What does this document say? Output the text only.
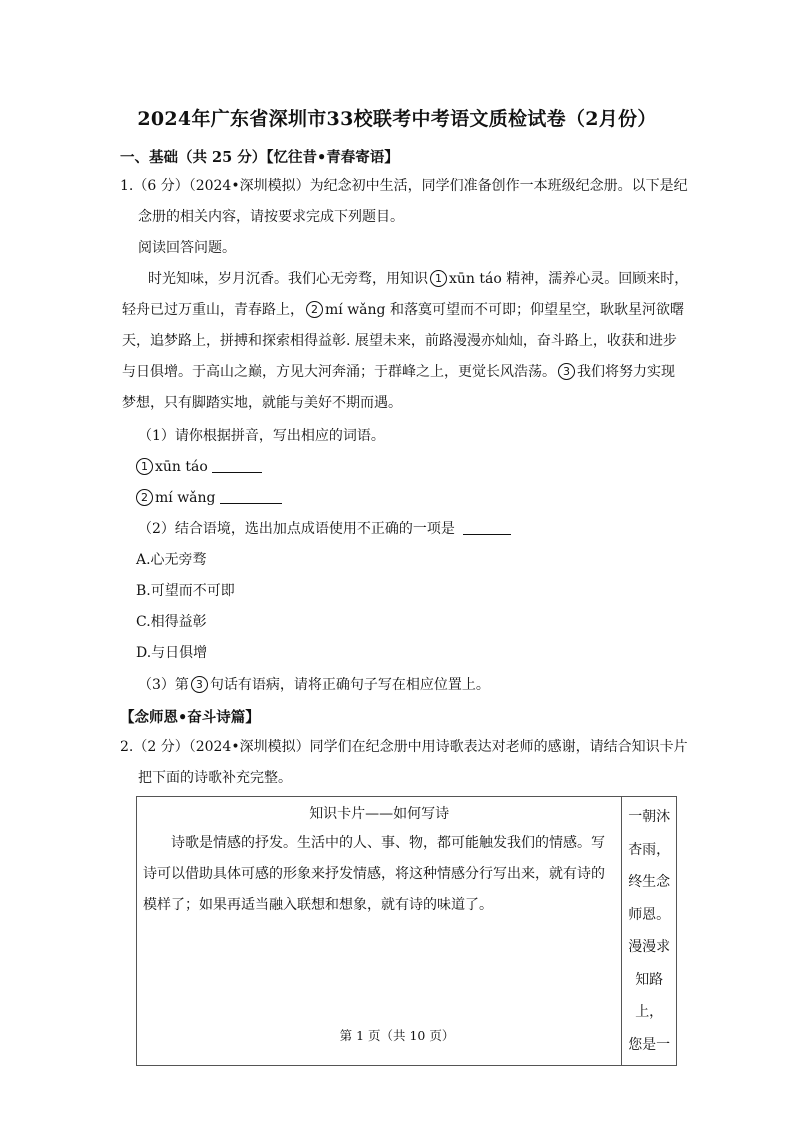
2024年广东省深圳市33校联考中考语文质检试卷（2月份）
一、基础（共 25 分）【忆往昔•青春寄语】
1.（6 分）（2024•深圳模拟）为纪念初中生活，同学们准备创作一本班级纪念册。以下是纪
念册的相关内容，请按要求完成下列题目。
阅读回答问题。
时光知味，岁月沉香。我们心无旁骛，用知识 1 xūn táo 精神，濡养心灵。回顾来时，
轻舟已过万重山，青春路上， 2 mí wǎng 和落寞可望而不可即；仰望星空，耿耿星河欲曙
天，追梦路上，拼搏和探索相得益彰. 展望未来，前路漫漫亦灿灿，奋斗路上，收获和进步
与日俱增。于高山之巅，方见大河奔涌；于群峰之上，更觉长风浩荡。 3 我们将努力实现
梦想，只有脚踏实地，就能与美好不期而遇。
（1）请你根据拼音，写出相应的词语。
1 xūn táo
2 mí wǎng
（2）结合语境，选出加点成语使用不正确的一项是
A.心无旁骛
B.可望而不可即
C.相得益彰
D.与日俱增
（3）第 3 句话有语病，请将正确句子写在相应位置上。
【念师恩•奋斗诗篇】
2.（2 分）（2024•深圳模拟）同学们在纪念册中用诗歌表达对老师的感谢，请结合知识卡片
把下面的诗歌补充完整。
知识卡片——如何写诗
诗歌是情感的抒发。生活中的人、事、物，都可能触发我们的情感。写诗可以借助具体可感的形象来抒发情感，将这种情感分行写出来，就有诗的模样了；如果再适当融入联想和想象，就有诗的味道了。

一朝沐
杏雨，
终生念
师恩。
漫漫求
知路上，
您是一
第 1 页（共 10 页）
